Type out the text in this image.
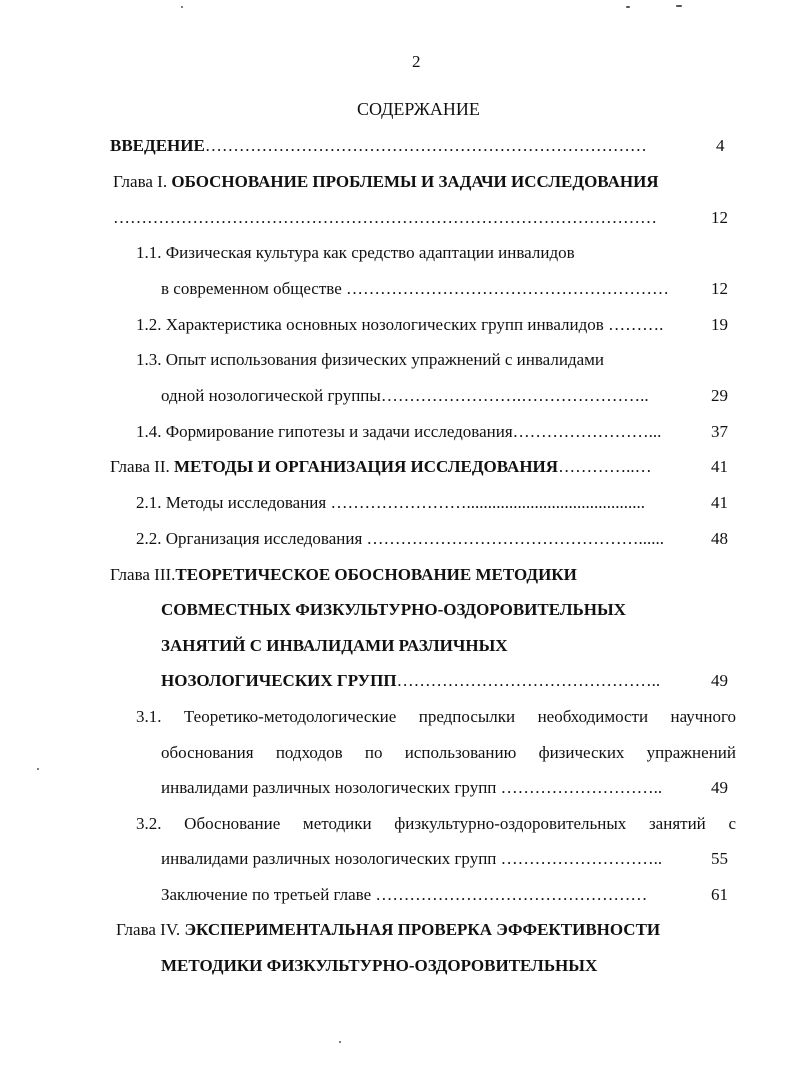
2
СОДЕРЖАНИЕ
ВВЕДЕНИЕ……………………………………………………………………	4
Глава I. ОБОСНОВАНИЕ ПРОБЛЕМЫ И ЗАДАЧИ ИССЛЕДОВАНИЯ
……………………………………………………………………………………	12
1.1. Физическая культура как средство адаптации инвалидов
в современном обществе …………………………………………………	12
1.2. Характеристика основных нозологических групп инвалидов ……….	19
1.3. Опыт использования физических упражнений с инвалидами
одной нозологической группы…………………….…………………..	29
1.4. Формирование гипотезы и задачи исследования……………………...	37
Глава II. МЕТОДЫ И ОРГАНИЗАЦИЯ ИССЛЕДОВАНИЯ…………..…	41
2.1. Методы исследования ……………………..........................................	41
2.2. Организация исследования …………………………………………......	48
Глава III.ТЕОРЕТИЧЕСКОЕ ОБОСНОВАНИЕ МЕТОДИКИ
СОВМЕСТНЫХ ФИЗКУЛЬТУРНО-ОЗДОРОВИТЕЛЬНЫХ
ЗАНЯТИЙ С ИНВАЛИДАМИ РАЗЛИЧНЫХ
НОЗОЛОГИЧЕСКИХ ГРУПП………………………………………..	49
3.1. Теоретико-методологические предпосылки необходимости научного
обоснования подходов по использованию физических упражнений
инвалидами различных нозологических групп ………………………..	49
3.2. Обоснование методики физкультурно-оздоровительных занятий с
инвалидами различных нозологических групп ………………………..	55
Заключение по третьей главе …………………………………………	61
Глава IV. ЭКСПЕРИМЕНТАЛЬНАЯ ПРОВЕРКА ЭФФЕКТИВНОСТИ
МЕТОДИКИ ФИЗКУЛЬТУРНО-ОЗДОРОВИТЕЛЬНЫХ
